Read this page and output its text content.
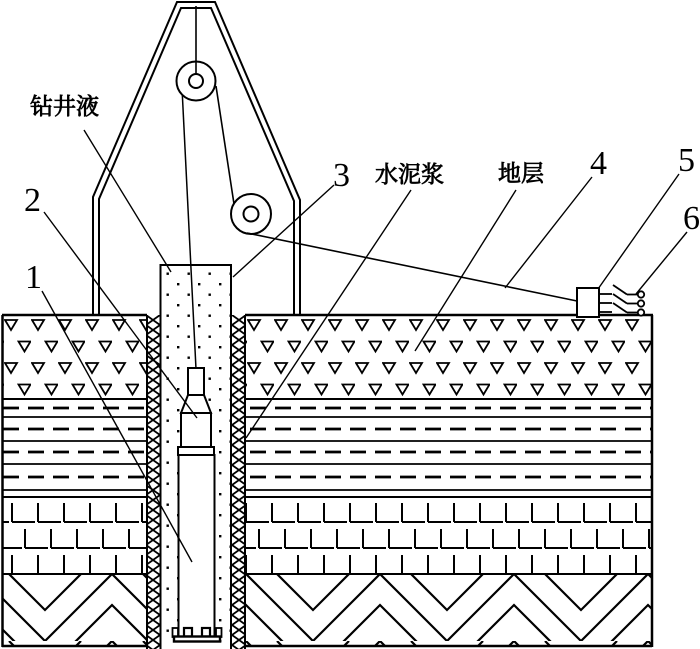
钻井液
水泥浆 地层
1
2
3	4 5
6
